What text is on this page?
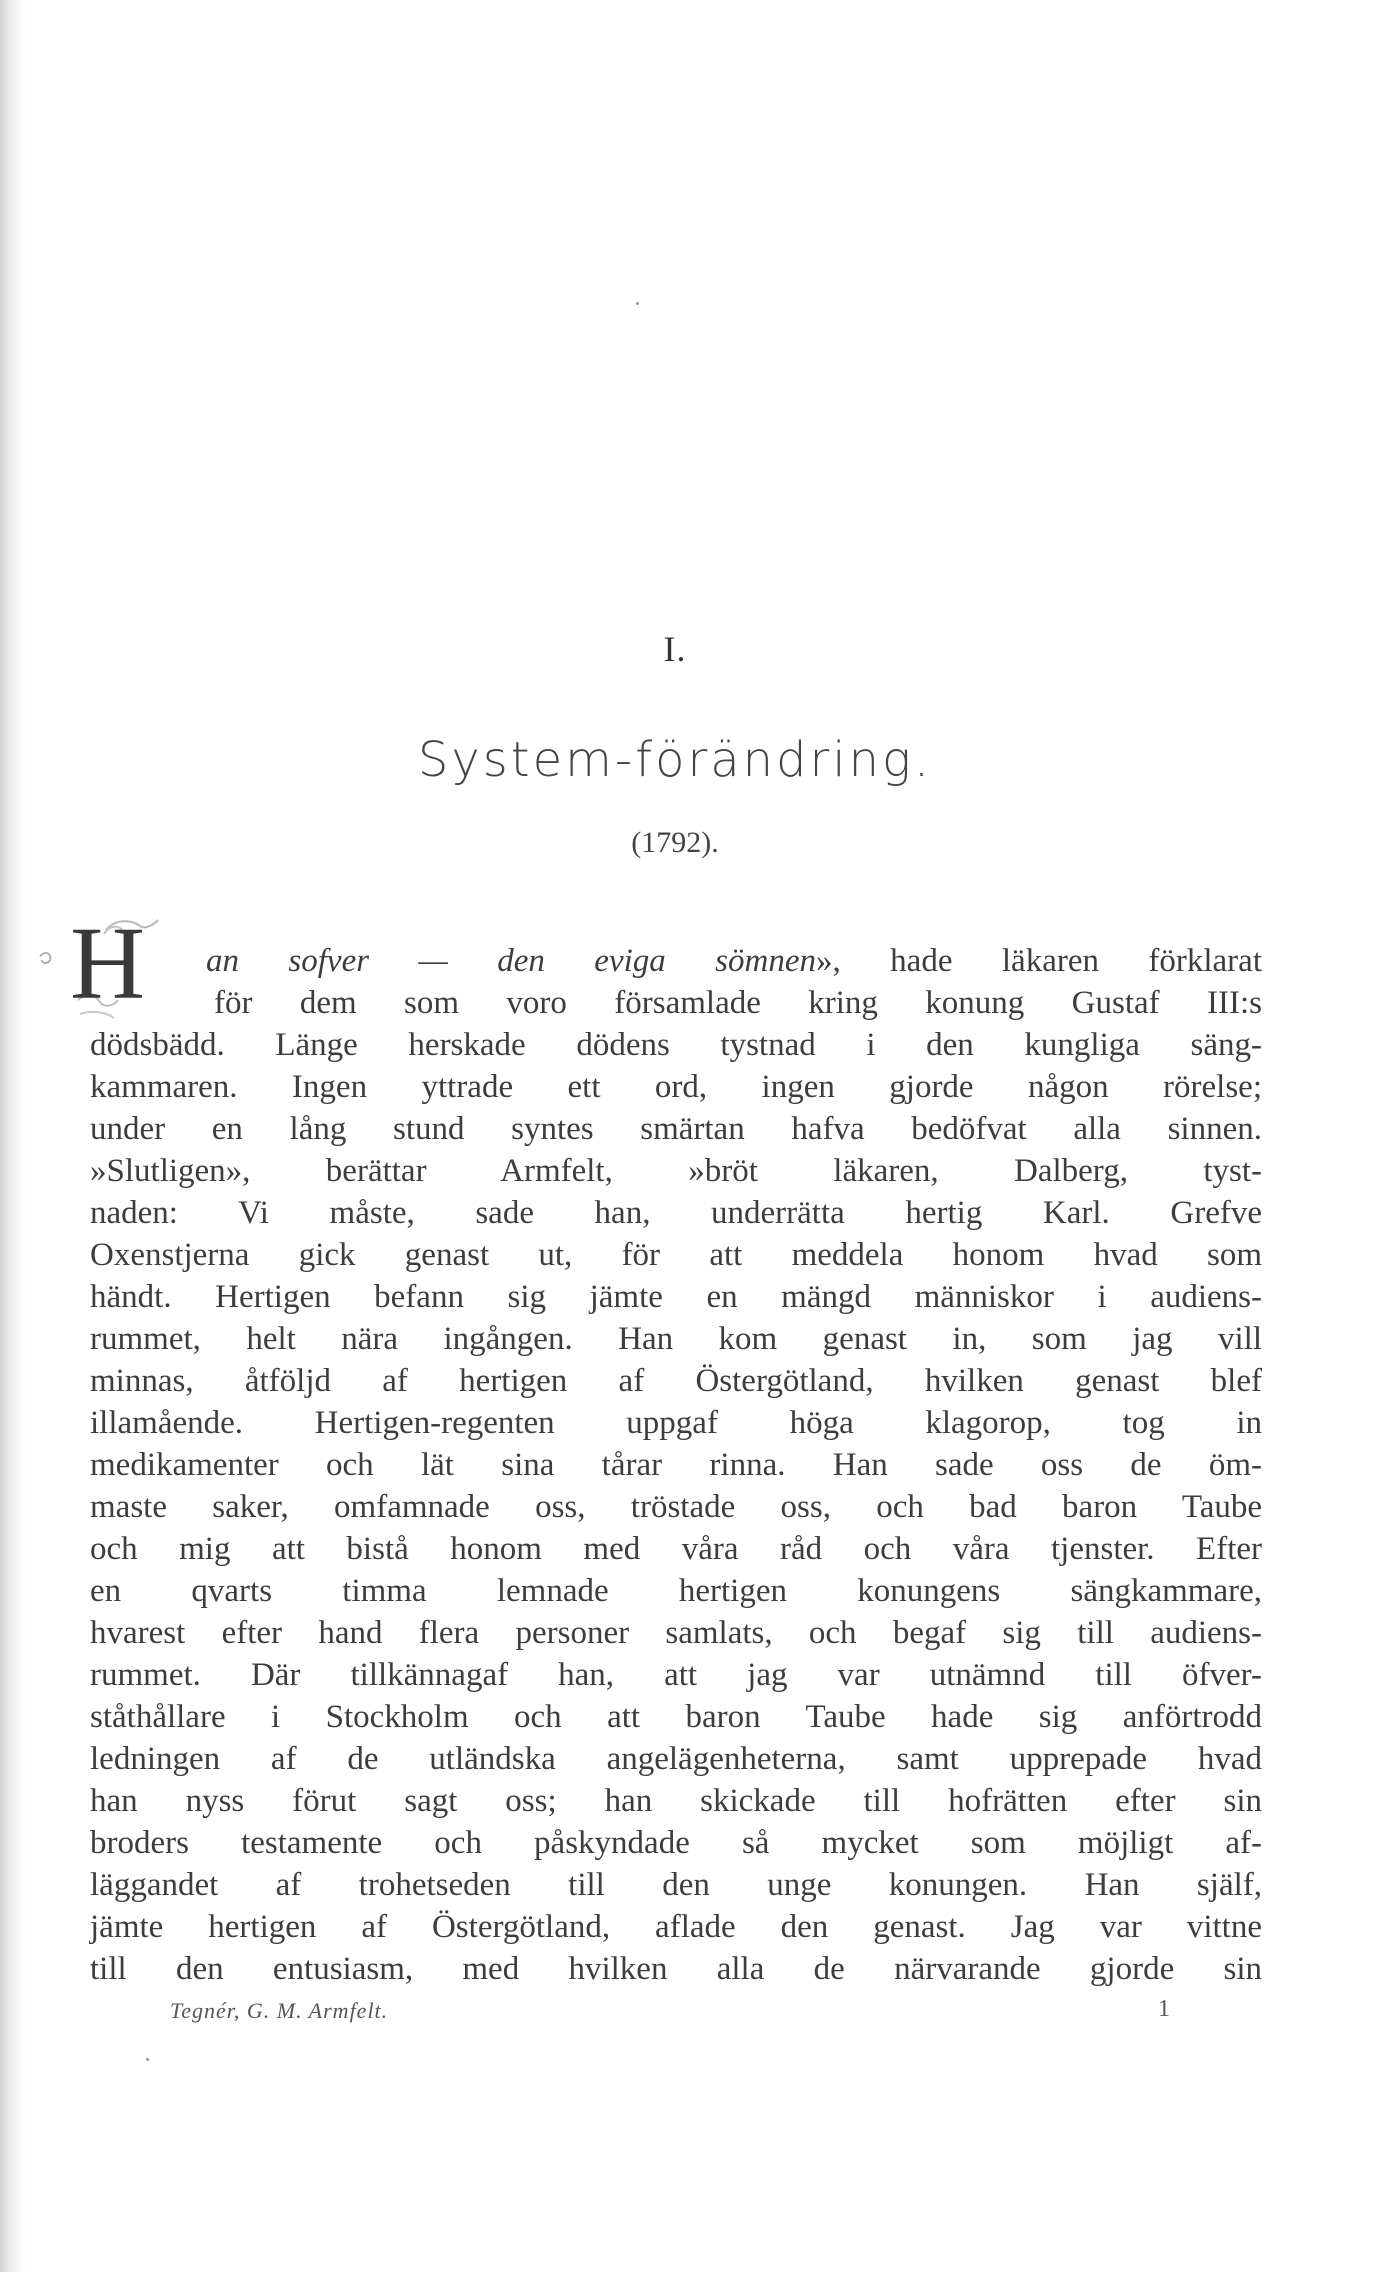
I.
System-förändring.
(1792).
H	an sofver — den eviga sömnen», hade läkaren förklarat
för dem som voro församlade kring konung Gustaf III:s
dödsbädd. Länge herskade dödens tystnad i den kungliga säng-
kammaren. Ingen yttrade ett ord, ingen gjorde någon rörelse;
under en lång stund syntes smärtan hafva bedöfvat alla sinnen.
»Slutligen», berättar Armfelt, »bröt läkaren, Dalberg, tyst-
naden: Vi måste, sade han, underrätta hertig Karl. Grefve
Oxenstjerna gick genast ut, för att meddela honom hvad som
händt. Hertigen befann sig jämte en mängd människor i audiens-
rummet, helt nära ingången. Han kom genast in, som jag vill
minnas, åtföljd af hertigen af Östergötland, hvilken genast blef
illamående. Hertigen-regenten uppgaf höga klagorop, tog in
medikamenter och lät sina tårar rinna. Han sade oss de öm-
maste saker, omfamnade oss, tröstade oss, och bad baron Taube
och mig att bistå honom med våra råd och våra tjenster. Efter
en qvarts timma lemnade hertigen konungens sängkammare,
hvarest efter hand flera personer samlats, och begaf sig till audiens-
rummet. Där tillkännagaf han, att jag var utnämnd till öfver-
ståthållare i Stockholm och att baron Taube hade sig anförtrodd
ledningen af de utländska angelägenheterna, samt upprepade hvad
han nyss förut sagt oss; han skickade till hofrätten efter sin
broders testamente och påskyndade så mycket som möjligt af-
läggandet af trohetseden till den unge konungen. Han själf,
jämte hertigen af Östergötland, aflade den genast. Jag var vittne
till den entusiasm, med hvilken alla de närvarande gjorde sin
Tegnér, G. M. Armfelt.	1
